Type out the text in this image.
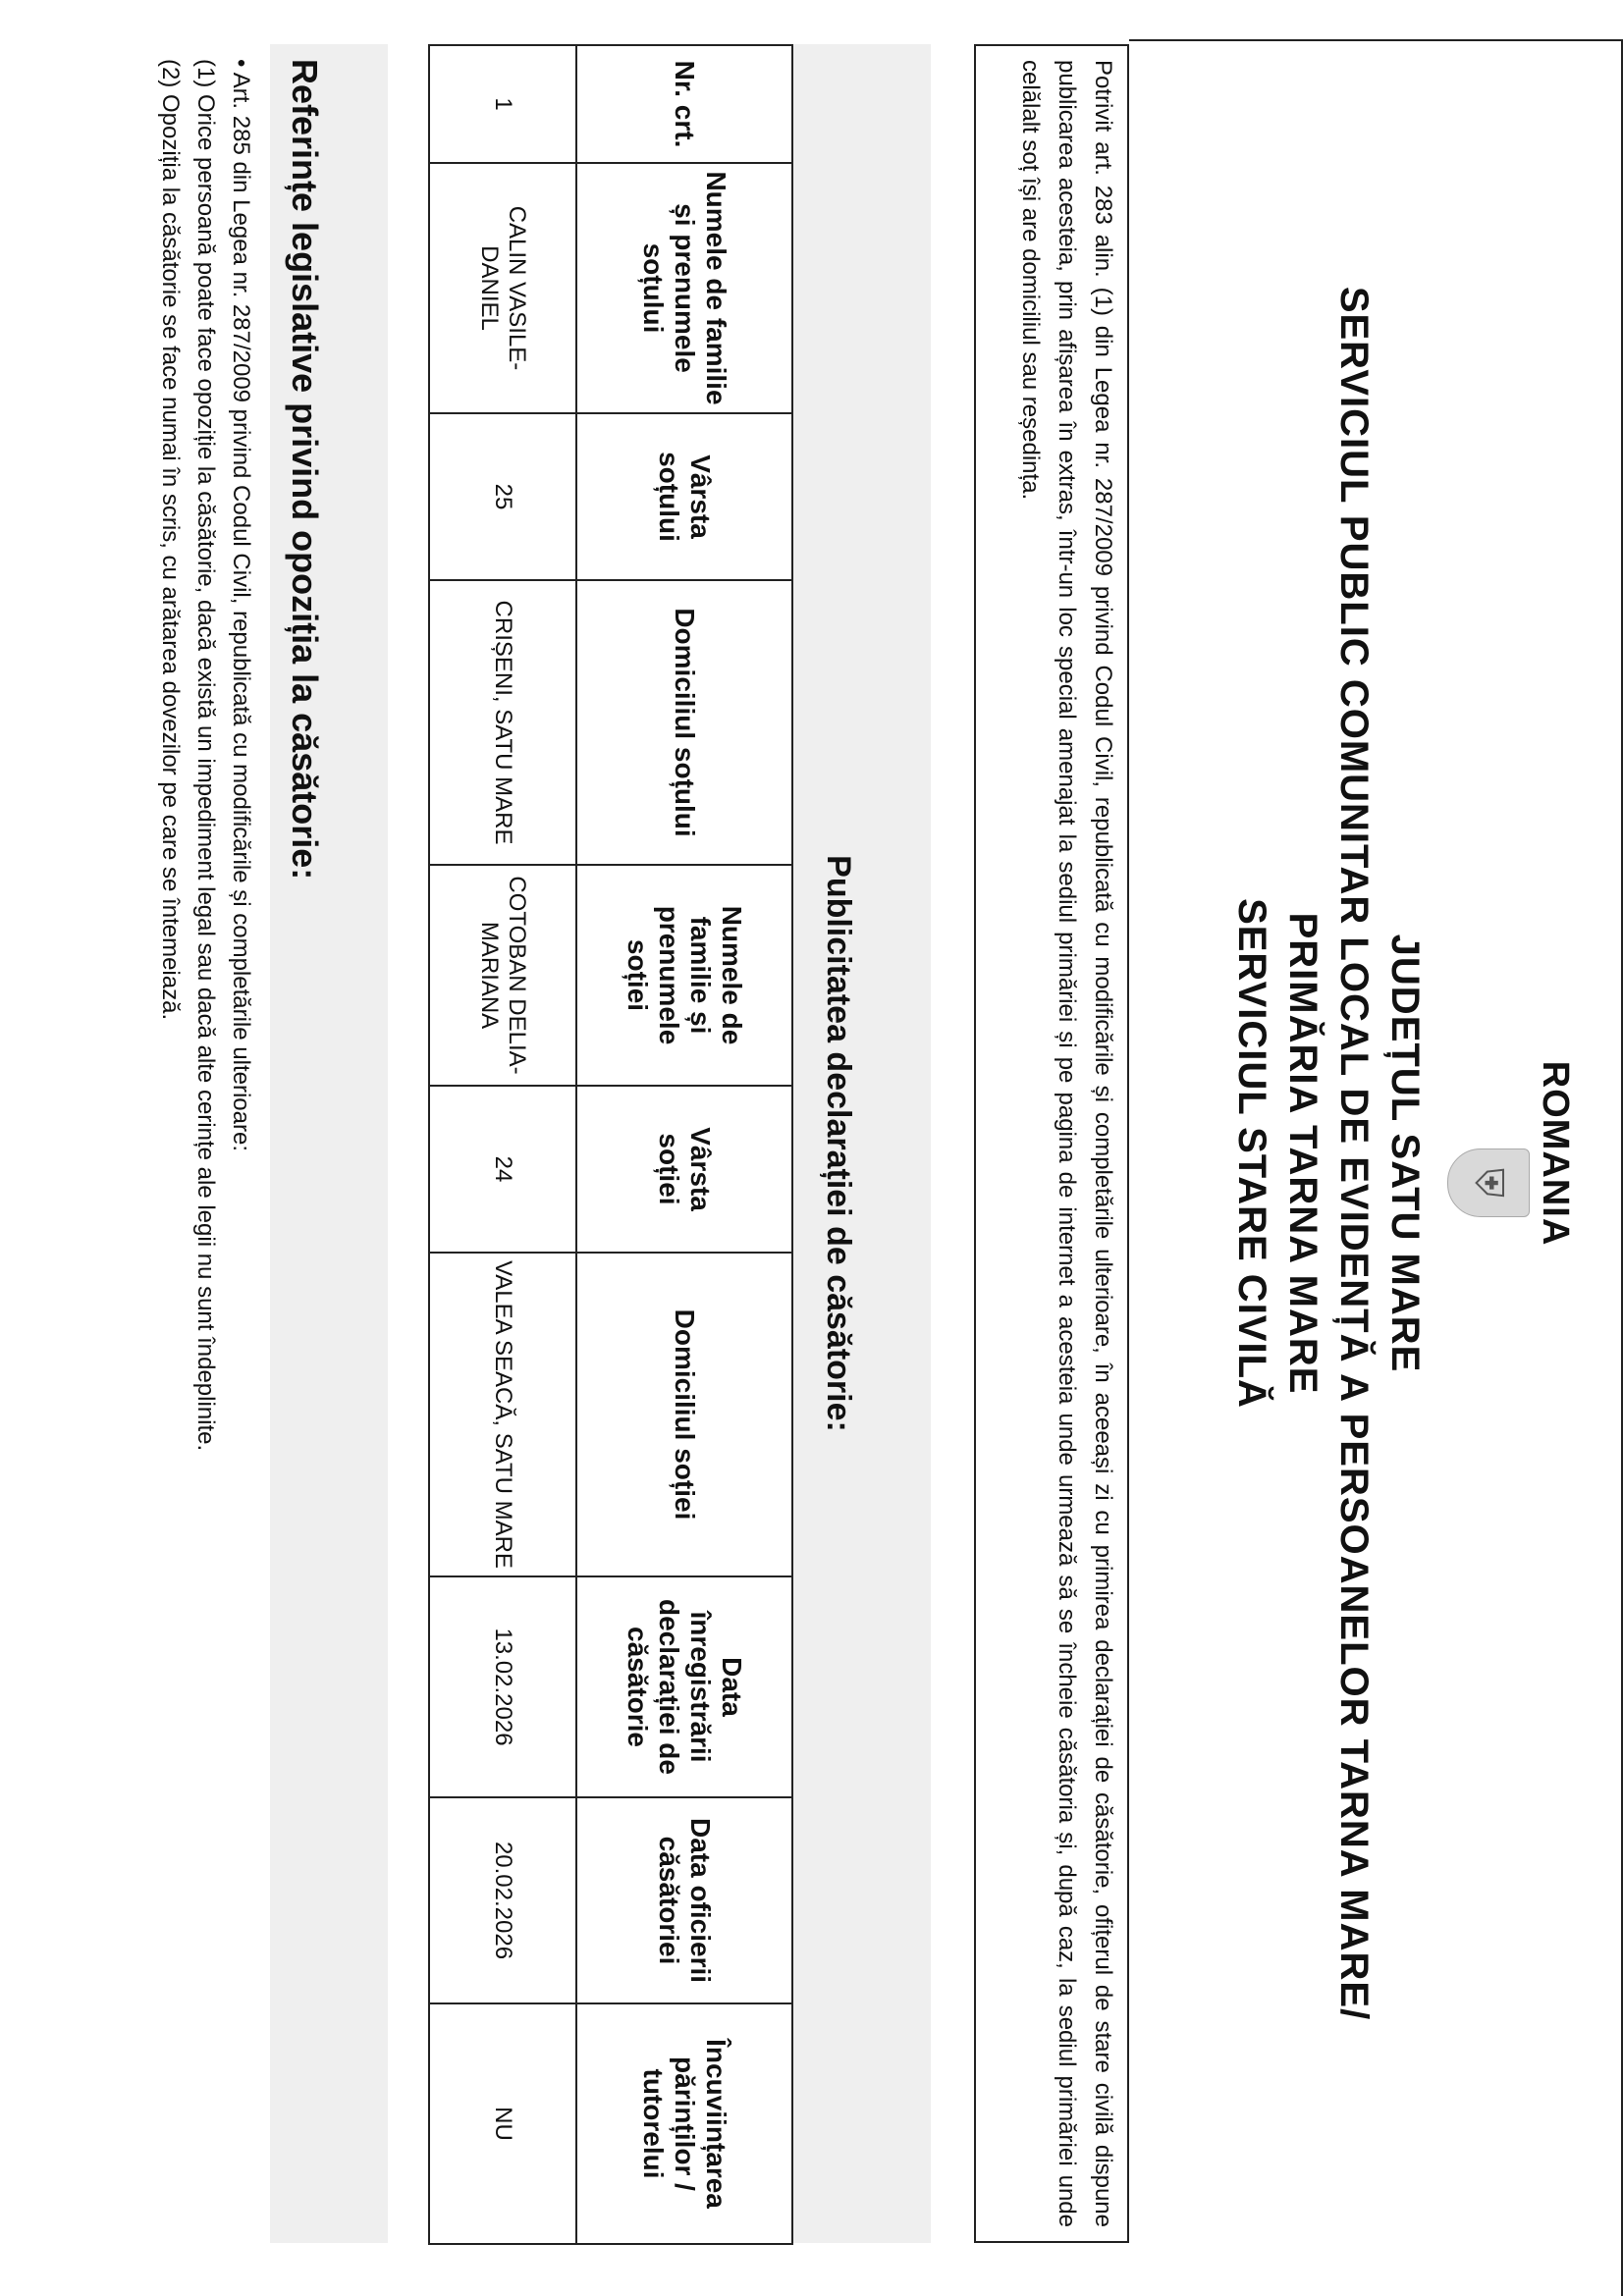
ROMANIA
⛨
JUDEȚUL SATU MARE
SERVICIUL PUBLIC COMUNITAR LOCAL DE EVIDENȚĂ A PERSOANELOR TARNA MARE/
PRIMĂRIA TARNA MARE
SERVICIUL STARE CIVILĂ
Potrivit art. 283 alin. (1) din Legea nr. 287/2009 privind Codul Civil, republicată cu modificările și completările ulterioare, în aceeași zi cu primirea declarației de căsătorie, ofițerul de stare civilă dispune publicarea acesteia, prin afișarea în extras, într-un loc special amenajat la sediul primăriei și pe pagina de internet a acesteia unde urmează să se încheie căsătoria și, după caz, la sediul primăriei unde celălalt soț își are domiciliul sau reședința.
Publicitatea declarației de căsătorie:
Nr. crt.	Numele de familie și prenumele soțului	Vârsta soțului	Domiciliul soțului	Numele de familie și prenumele soției	Vârsta soției	Domiciliul soției	Data înregistrării declarației de căsătorie	Data oficierii căsătoriei	Încuviințarea părinților / tutorelui
1	CALIN VASILE-DANIEL	25	CRIȘENI, SATU MARE	COTOBAN DELIA-MARIANA	24	VALEA SEACĂ, SATU MARE	13.02.2026	20.02.2026	NU
Referințe legislative privind opoziția la căsătorie:
• Art. 285 din Legea nr. 287/2009 privind Codul Civil, republicată cu modificările și completările ulterioare:
(1) Orice persoană poate face opoziție la căsătorie, dacă există un impediment legal sau dacă alte cerințe ale legii nu sunt îndeplinite.
(2) Opoziția la căsătorie se face numai în scris, cu arătarea dovezilor pe care se întemeiază.
